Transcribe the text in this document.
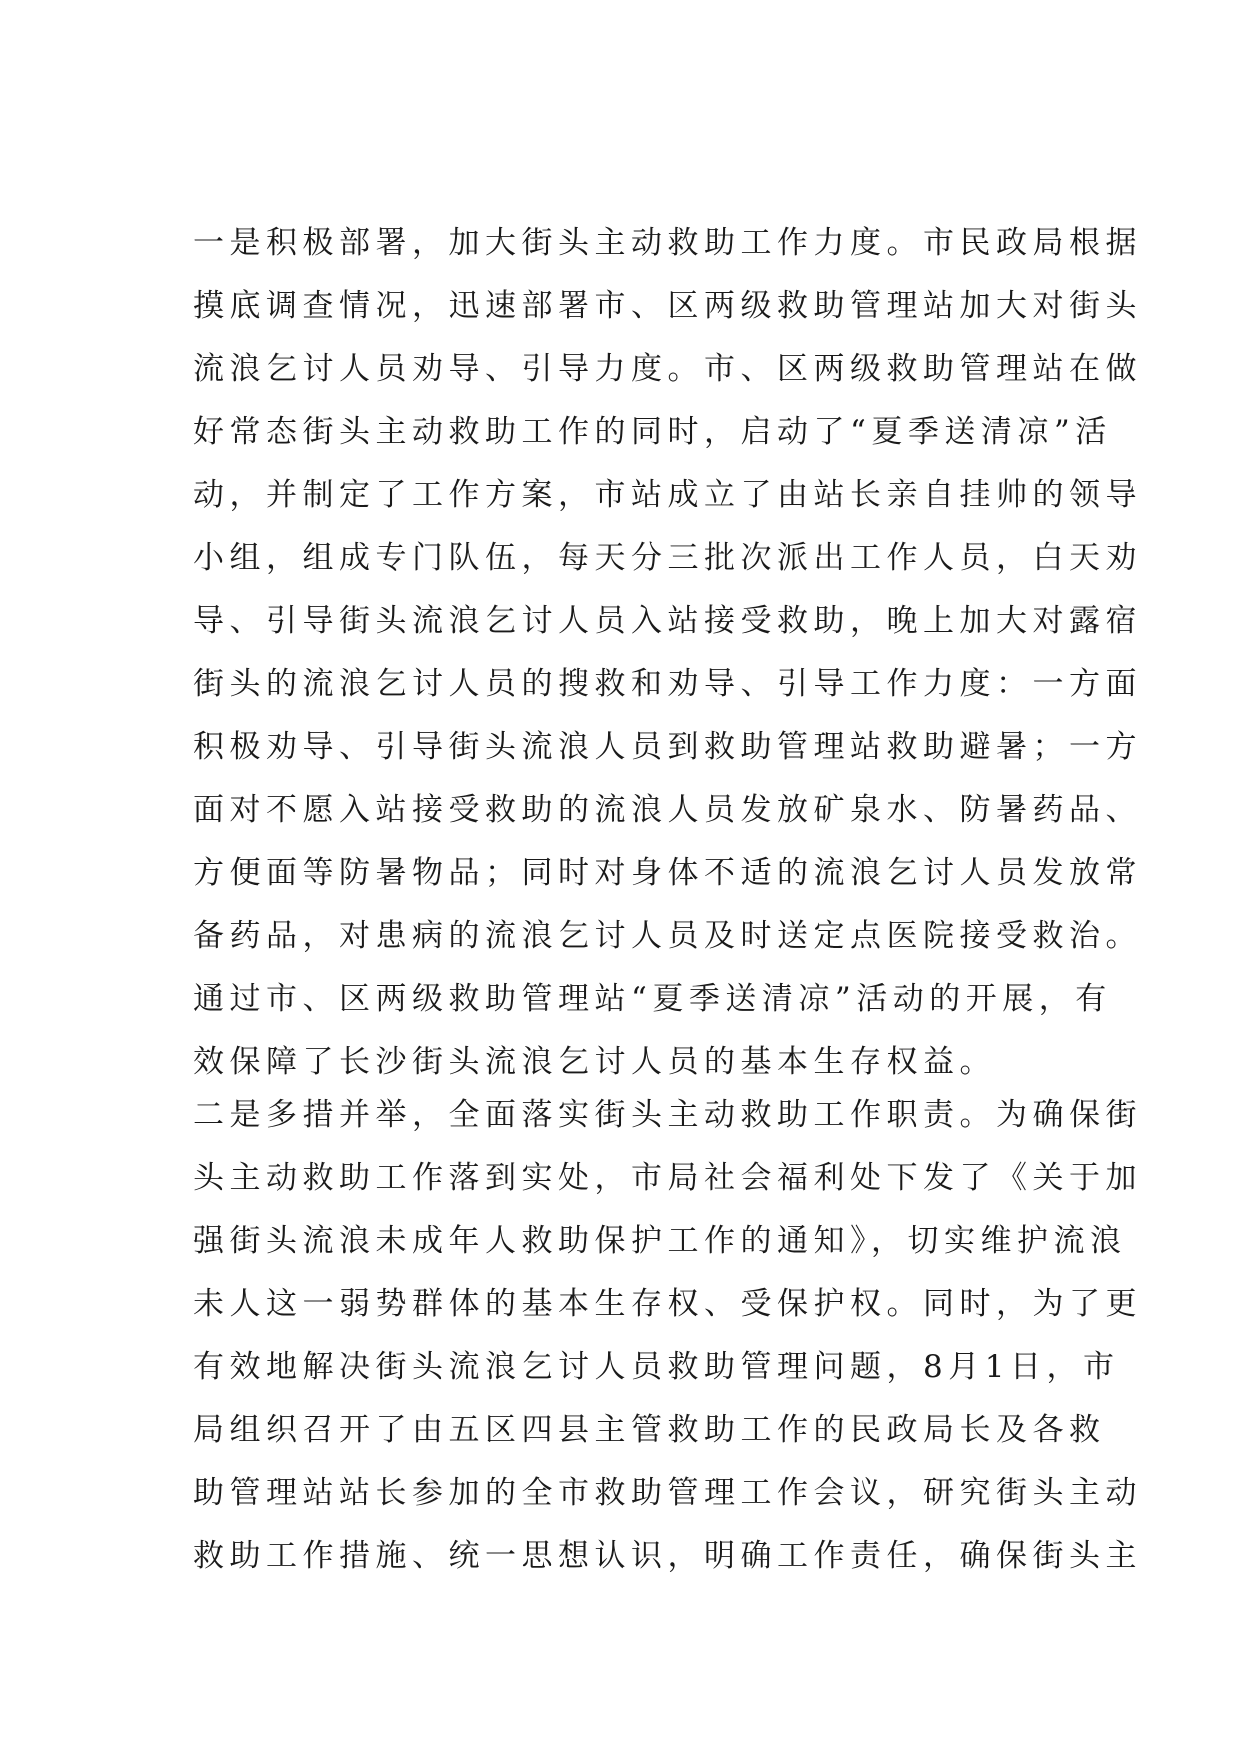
一是积极部署，加大街头主动救助工作力度。市民政局根据
摸底调查情况，迅速部署市、区两级救助管理站加大对街头
流浪乞讨人员劝导、引导力度。市、区两级救助管理站在做
好常态街头主动救助工作的同时，启动了“夏季送清凉”活
动，并制定了工作方案，市站成立了由站长亲自挂帅的领导
小组，组成专门队伍，每天分三批次派出工作人员，白天劝
导、引导街头流浪乞讨人员入站接受救助，晚上加大对露宿
街头的流浪乞讨人员的搜救和劝导、引导工作力度：一方面
积极劝导、引导街头流浪人员到救助管理站救助避暑；一方
面对不愿入站接受救助的流浪人员发放矿泉水、防暑药品、
方便面等防暑物品；同时对身体不适的流浪乞讨人员发放常
备药品，对患病的流浪乞讨人员及时送定点医院接受救治。
通过市、区两级救助管理站“夏季送清凉”活动的开展，有
效保障了长沙街头流浪乞讨人员的基本生存权益。
二是多措并举，全面落实街头主动救助工作职责。为确保街
头主动救助工作落到实处，市局社会福利处下发了《关于加
强街头流浪未成年人救助保护工作的通知》，切实维护流浪
未人这一弱势群体的基本生存权、受保护权。同时，为了更
有效地解决街头流浪乞讨人员救助管理问题，8月1日，市
局组织召开了由五区四县主管救助工作的民政局长及各救
助管理站站长参加的全市救助管理工作会议，研究街头主动
救助工作措施、统一思想认识，明确工作责任，确保街头主
